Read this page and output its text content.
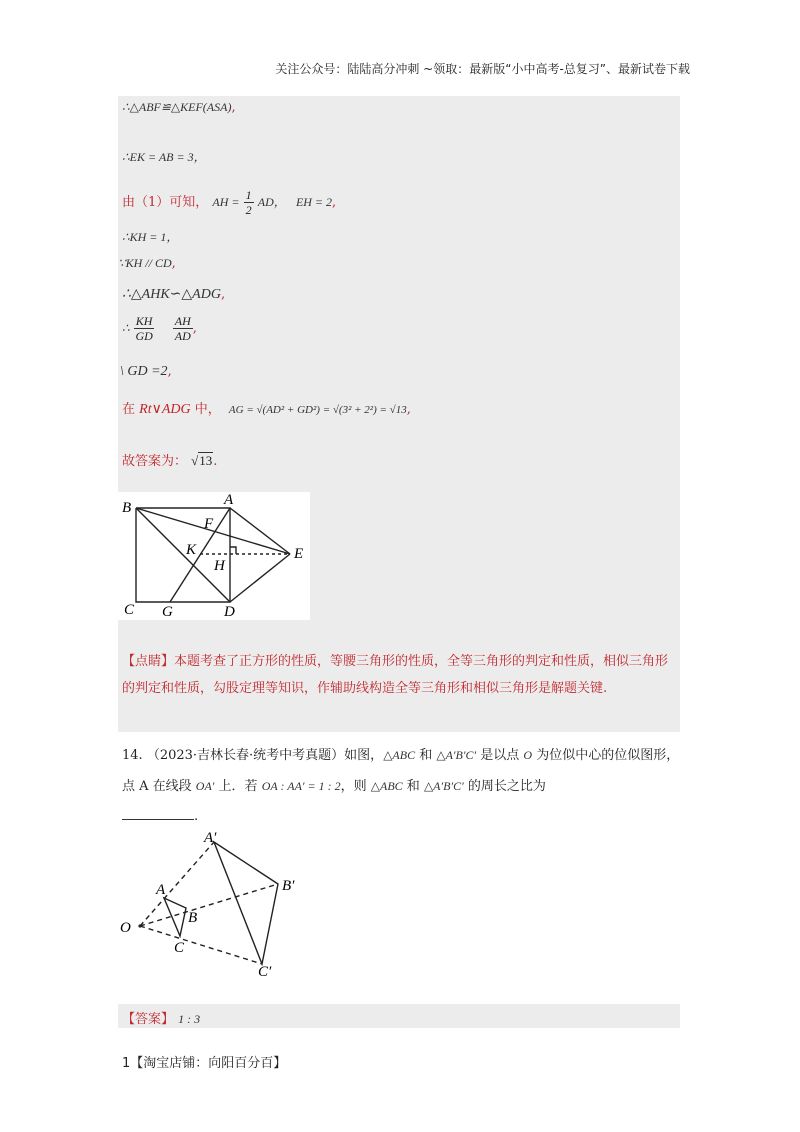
关注公众号：陆陆高分冲刺 ~领取：最新版“小中高考-总复习”、最新试卷下载
∴△ABF≌△KEF(ASA),
∴EK = AB = 3，
由（1）可知， AH = $\frac{1}{2}$ AD， EH = 2,
∴KH = 1，
∵KH // CD,
∴△AHK∽△ADG,
∴ $\frac{KH}{GD}$
$\frac{AH}{AD}$ ,
\ GD =2,
在 Rt∨ADG 中， AG = √(AD² + GD²) = √(3² + 2²) = √13,
故答案为： √13.
B	A
F
K
H
E
C G	D
【点睛】本题考查了正方形的性质，等腰三角形的性质，全等三角形的判定和性质，相似三角形的判定和性质，勾股定理等知识，作辅助线构造全等三角形和相似三角形是解题关键.
14. （2023·吉林长春·统考中考真题）如图，△ABC 和 △A′B′C′ 是以点 O 为位似中心的位似图形，点 A 在线段 OA′ 上．若 OA : AA′ = 1 : 2，则 △ABC 和 △A′B′C′ 的周长之比为
.
O
A
B
C
A′
B′
C′
【答案】 1 : 3
1【淘宝店铺：向阳百分百】
